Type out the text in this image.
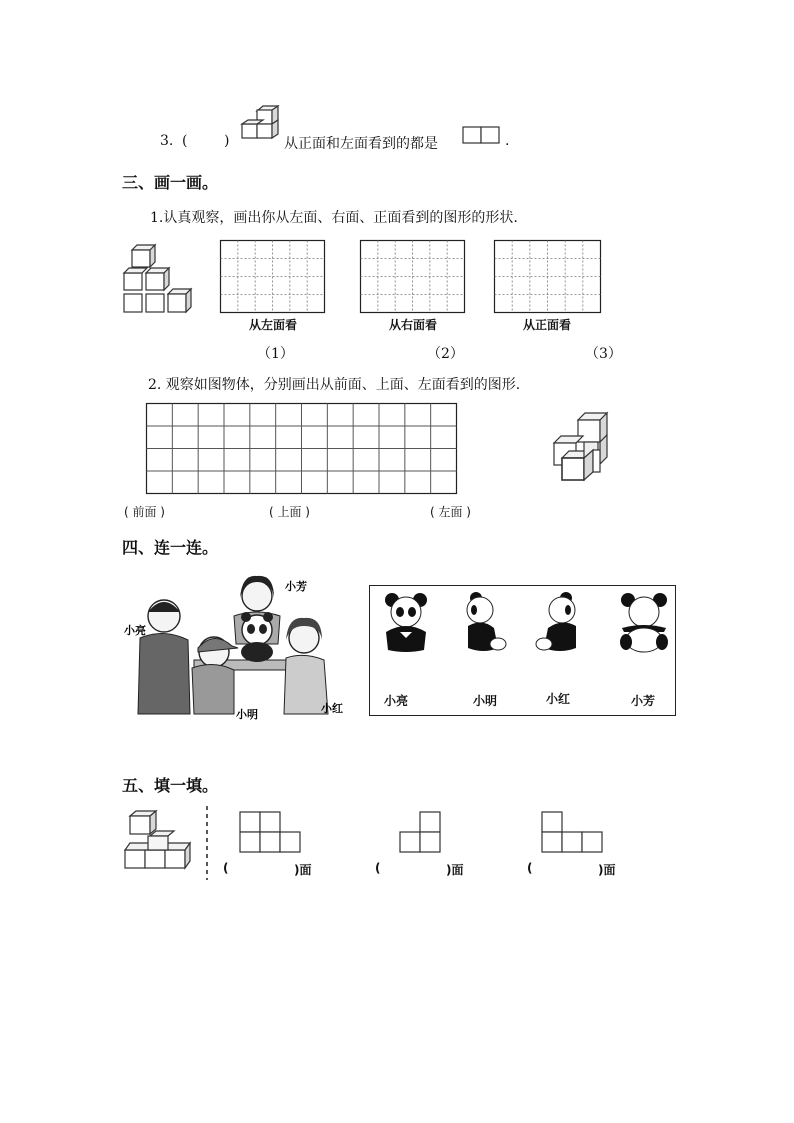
3. (	)	从正面和左面看到的都是	.
三、画一画。
1.认真观察，画出你从左面、右面、正面看到的图形的形状.
从左面看	从右面看	从正面看
（1）	（2）	（3）
2. 观察如图物体，分别画出从前面、上面、左面看到的图形.
( 前面 )	( 上面 )	( 左面 )
四、连一连。
小芳
小亮
小明	小红
小亮	小明	小红	小芳
五、填一填。
(	)面	(	)面	(	)面
